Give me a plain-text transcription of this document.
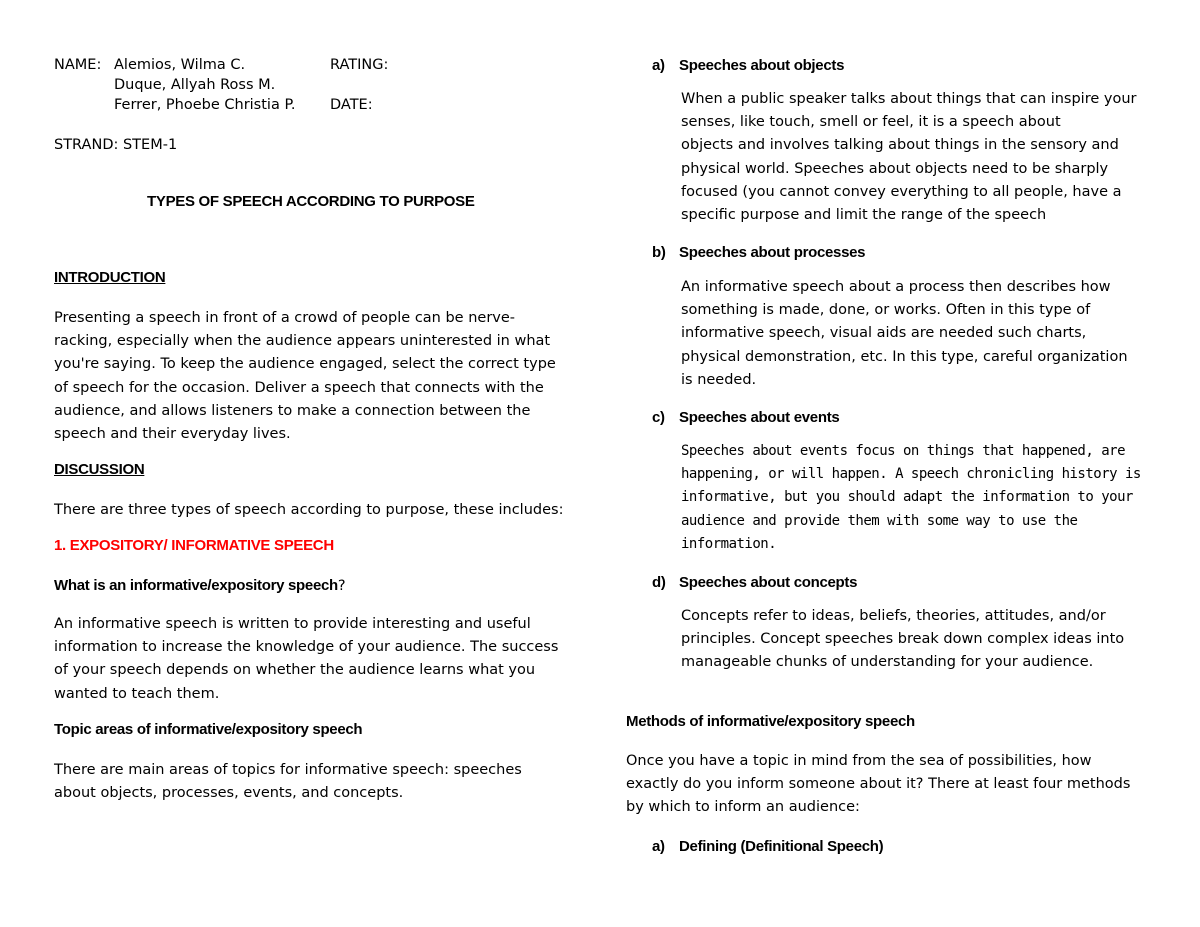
NAME: Alemios, Wilma C.
Duque, Allyah Ross M.
Ferrer, Phoebe Christia P.
RATING:
DATE:
STRAND: STEM-1
TYPES OF SPEECH ACCORDING TO PURPOSE
INTRODUCTION
Presenting a speech in front of a crowd of people can be nerve-
racking, especially when the audience appears uninterested in what
you're saying. To keep the audience engaged, select the correct type
of speech for the occasion. Deliver a speech that connects with the
audience, and allows listeners to make a connection between the
speech and their everyday lives.
DISCUSSION
There are three types of speech according to purpose, these includes:
1. EXPOSITORY/ INFORMATIVE SPEECH
What is an informative/expository speech?
An informative speech is written to provide interesting and useful
information to increase the knowledge of your audience. The success
of your speech depends on whether the audience learns what you
wanted to teach them.
Topic areas of informative/expository speech
There are main areas of topics for informative speech: speeches
about objects, processes, events, and concepts.
a) Speeches about objects
When a public speaker talks about things that can inspire your
senses, like touch, smell or feel, it is a speech about
objects and involves talking about things in the sensory and
physical world. Speeches about objects need to be sharply
focused (you cannot convey everything to all people, have a
specific purpose and limit the range of the speech
b) Speeches about processes
An informative speech about a process then describes how
something is made, done, or works. Often in this type of
informative speech, visual aids are needed such charts,
physical demonstration, etc. In this type, careful organization
is needed.
c) Speeches about events
Speeches about events focus on things that happened, are
happening, or will happen. A speech chronicling history is
informative, but you should adapt the information to your
audience and provide them with some way to use the
information.
d) Speeches about concepts
Concepts refer to ideas, beliefs, theories, attitudes, and/or
principles. Concept speeches break down complex ideas into
manageable chunks of understanding for your audience.
Methods of informative/expository speech
Once you have a topic in mind from the sea of possibilities, how
exactly do you inform someone about it? There at least four methods
by which to inform an audience:
a) Defining (Definitional Speech)
